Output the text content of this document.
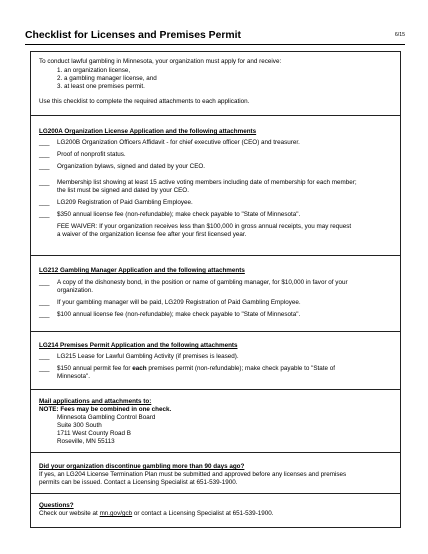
Checklist for Licenses and Premises Permit	6/15
To conduct lawful gambling in Minnesota, your organization must apply for and receive:
1. an organization license,
2. a gambling manager license, and
3. at least one premises permit.
Use this checklist to complete the required attachments to each application.
LG200A Organization License Application and the following attachments
___ LG200B Organization Officers Affidavit - for chief executive officer (CEO) and treasurer.
___ Proof of nonprofit status.
___ Organization bylaws, signed and dated by your CEO.
___ Membership list showing at least 15 active voting members including date of membership for each member;
the list must be signed and dated by your CEO.
___ LG209 Registration of Paid Gambling Employee.
___ $350 annual license fee (non-refundable); make check payable to "State of Minnesota".
FEE WAIVER: If your organization receives less than $100,000 in gross annual receipts, you may request
a waiver of the organization license fee after your first licensed year.
LG212 Gambling Manager Application and the following attachments
___ A copy of the dishonesty bond, in the position or name of gambling manager, for $10,000 in favor of your
organization.
___ If your gambling manager will be paid, LG209 Registration of Paid Gambling Employee.
___ $100 annual license fee (non-refundable); make check payable to "State of Minnesota".
LG214 Premises Permit Application and the following attachments
___ LG215 Lease for Lawful Gambling Activity (if premises is leased).
___ $150 annual permit fee for each premises permit (non-refundable); make check payable to "State of
Minnesota".
Mail applications and attachments to:
NOTE: Fees may be combined in one check.
Minnesota Gambling Control Board
Suite 300 South
1711 West County Road B
Roseville, MN 55113
Did your organization discontinue gambling more than 90 days ago?
If yes, an LG204 License Termination Plan must be submitted and approved before any licenses and premises
permits can be issued. Contact a Licensing Specialist at 651-539-1900.
Questions?
Check our website at mn.gov/gcb or contact a Licensing Specialist at 651-539-1900.
